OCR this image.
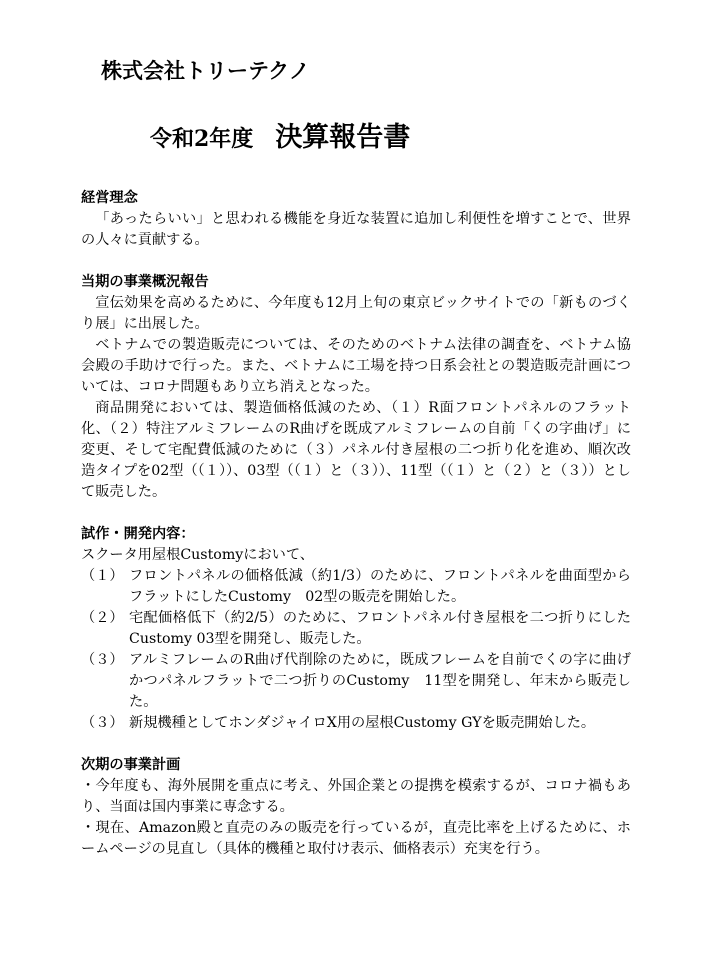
株式会社トリーテクノ
令和2年度 決算報告書

経営理念

「あったらいい」と思われる機能を身近な装置に追加し利便性を増すことで、世界の人々に貢献する。

当期の事業概況報告

宣伝効果を高めるために、今年度も12月上旬の東京ビックサイトでの「新ものづくり展」に出展した。

ベトナムでの製造販売については、そのためのベトナム法律の調査を、ベトナム協会殿の手助けで行った。また、ベトナムに工場を持つ日系会社との製造販売計画については、コロナ問題もあり立ち消えとなった。

商品開発においては、製造価格低減のため、（１）R面フロントパネルのフラット化、（２）特注アルミフレームのR曲げを既成アルミフレームの自前「くの字曲げ」に変更、そして宅配費低減のために（３）パネル付き屋根の二つ折り化を進め、順次改造タイプを02型（（１））、03型（（１）と（３））、11型（（１）と（２）と（３））として販売した。

試作・開発内容：

スクータ用屋根Customyにおいて、

（１） フロントパネルの価格低減（約1/3）のために、フロントパネルを曲面型からフラットにしたCustomy　02型の販売を開始した。
（２） 宅配価格低下（約2/5）のために、フロントパネル付き屋根を二つ折りにしたCustomy 03型を開発し、販売した。
（３） アルミフレームのR曲げ代削除のために，既成フレームを自前でくの字に曲げかつパネルフラットで二つ折りのCustomy　11型を開発し、年末から販売した。
（３） 新規機種としてホンダジャイロX用の屋根Customy GYを販売開始した。

次期の事業計画

・今年度も、海外展開を重点に考え、外国企業との提携を模索するが、コロナ禍もあり、当面は国内事業に専念する。

・現在、Amazon殿と直売のみの販売を行っているが，直売比率を上げるために、ホームページの見直し（具体的機種と取付け表示、価格表示）充実を行う。
